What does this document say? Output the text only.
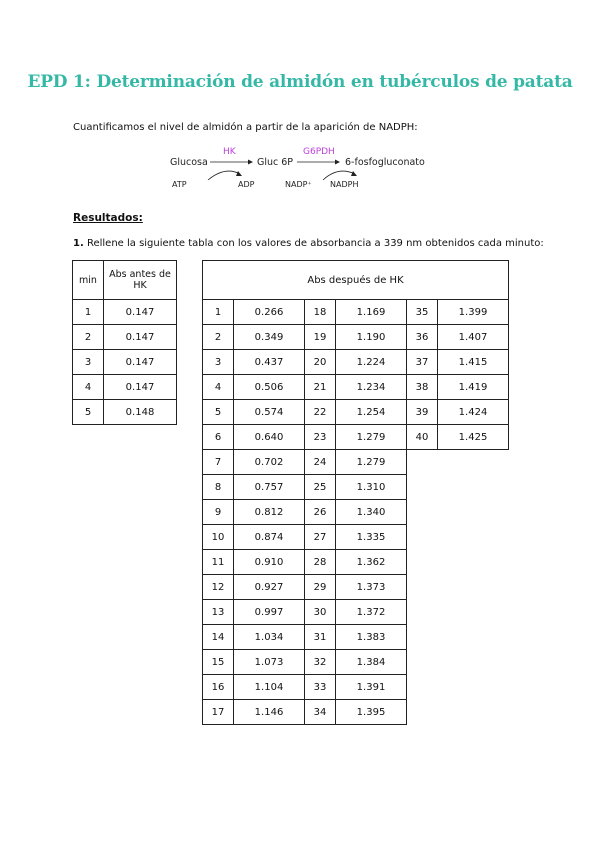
EPD 1: Determinación de almidón en tubérculos de patata
Cuantificamos el nivel de almidón a partir de la aparición de NADPH:
Glucosa
HK
Gluc 6P
G6PDH
6-fosfogluconato
ATP	ADP	NADP⁺ NADPH
Resultados:
1. Rellene la siguiente tabla con los valores de absorbancia a 339 nm obtenidos cada minuto:
min	Abs antes de HK
1	0.147
2	0.147
3	0.147
4	0.147
5	0.148
Abs después de HK					
1	0.266	18	1.169	35	1.399
2	0.349	19	1.190	36	1.407
3	0.437	20	1.224	37	1.415
4	0.506	21	1.234	38	1.419
5	0.574	22	1.254	39	1.424
6	0.640	23	1.279	40	1.425
7	0.702	24	1.279		
8	0.757	25	1.310		
9	0.812	26	1.340		
10	0.874	27	1.335		
11	0.910	28	1.362		
12	0.927	29	1.373		
13	0.997	30	1.372		
14	1.034	31	1.383		
15	1.073	32	1.384		
16	1.104	33	1.391		
17	1.146	34	1.395		
